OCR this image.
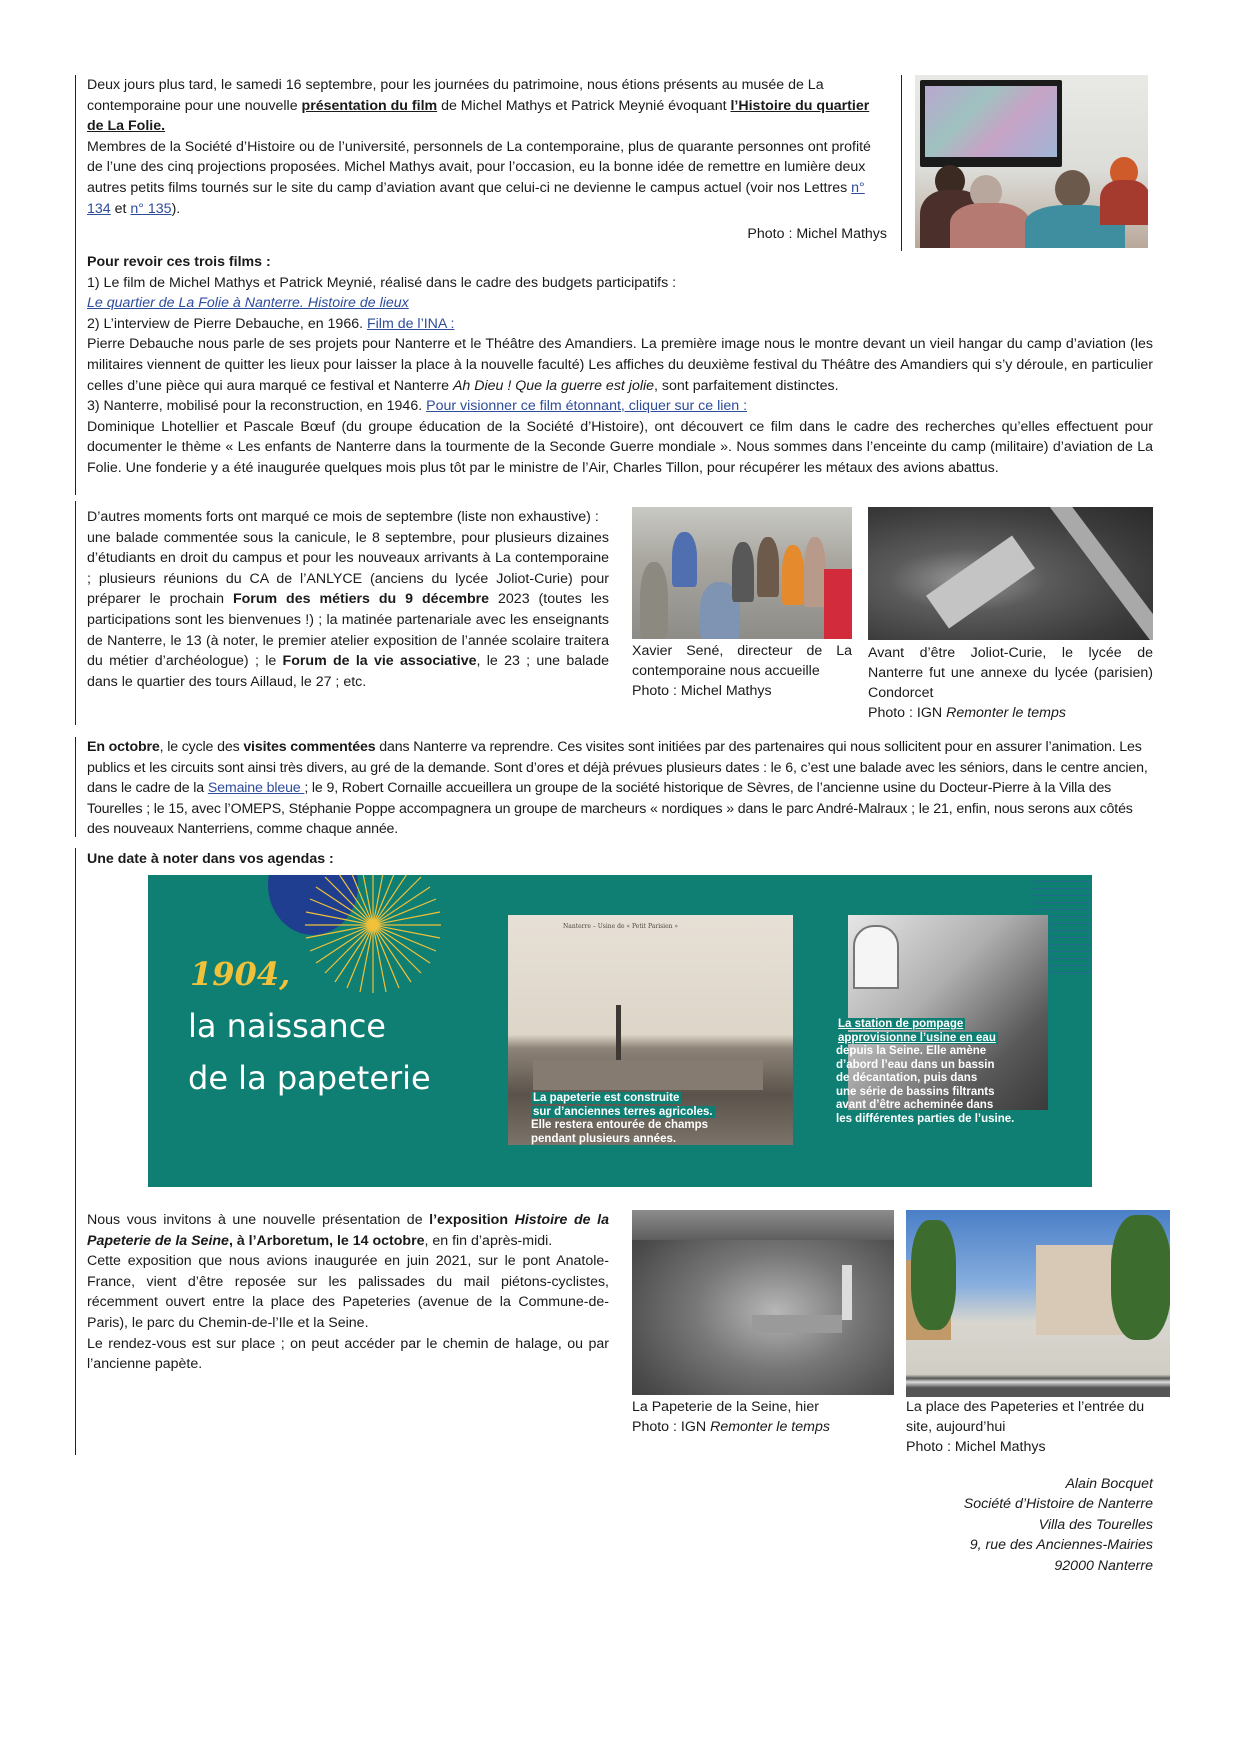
Deux jours plus tard, le samedi 16 septembre, pour les journées du patrimoine, nous étions présents au musée de La contemporaine pour une nouvelle présentation du film de Michel Mathys et Patrick Meynié évoquant l’Histoire du quartier de La Folie.

Membres de la Société d’Histoire ou de l’université, personnels de La contemporaine, plus de quarante personnes ont profité de l’une des cinq projections proposées. Michel Mathys avait, pour l’occasion, eu la bonne idée de remettre en lumière deux autres petits films tournés sur le site du camp d’aviation avant que celui-ci ne devienne le campus actuel (voir nos Lettres n° 134 et n° 135).

Photo : Michel Mathys

Pour revoir ces trois films :

1) Le film de Michel Mathys et Patrick Meynié, réalisé dans le cadre des budgets participatifs :

Le quartier de La Folie à Nanterre. Histoire de lieux

2) L’interview de Pierre Debauche, en 1966. Film de l’INA :

Pierre Debauche nous parle de ses projets pour Nanterre et le Théâtre des Amandiers. La première image nous le montre devant un vieil hangar du camp d’aviation (les militaires viennent de quitter les lieux pour laisser la place à la nouvelle faculté) Les affiches du deuxième festival du Théâtre des Amandiers qui s’y déroule, en particulier celles d’une pièce qui aura marqué ce festival et Nanterre Ah Dieu ! Que la guerre est jolie, sont parfaitement distinctes.

3) Nanterre, mobilisé pour la reconstruction, en 1946. Pour visionner ce film étonnant, cliquer sur ce lien :

Dominique Lhotellier et Pascale Bœuf (du groupe éducation de la Société d’Histoire), ont découvert ce film dans le cadre des recherches qu’elles effectuent pour documenter le thème « Les enfants de Nanterre dans la tourmente de la Seconde Guerre mondiale ». Nous sommes dans l’enceinte du camp (militaire) d’aviation de La Folie. Une fonderie y a été inaugurée quelques mois plus tôt par le ministre de l’Air, Charles Tillon, pour récupérer les métaux des avions abattus.

D’autres moments forts ont marqué ce mois de septembre (liste non exhaustive) :

une balade commentée sous la canicule, le 8 septembre, pour plusieurs dizaines d’étudiants en droit du campus et pour les nouveaux arrivants à La contemporaine ; plusieurs réunions du CA de l’ANLYCE (anciens du lycée Joliot-Curie) pour préparer le prochain Forum des métiers du 9 décembre 2023 (toutes les participations sont les bienvenues !) ; la matinée partenariale avec les enseignants de Nanterre, le 13 (à noter, le premier atelier exposition de l’année scolaire traitera du métier d’archéologue) ; le Forum de la vie associative, le 23 ; une balade dans le quartier des tours Aillaud, le 27 ; etc.

Xavier Sené, directeur de La contemporaine nous accueille

Photo : Michel Mathys

Avant d’être Joliot-Curie, le lycée de Nanterre fut une annexe du lycée (parisien) Condorcet

Photo : IGN Remonter le temps

En octobre, le cycle des visites commentées dans Nanterre va reprendre. Ces visites sont initiées par des partenaires qui nous sollicitent pour en assurer l’animation. Les publics et les circuits sont ainsi très divers, au gré de la demande. Sont d’ores et déjà prévues plusieurs dates : le 6, c’est une balade avec les séniors, dans le centre ancien, dans le cadre de la Semaine bleue ; le 9, Robert Cornaille accueillera un groupe de la société historique de Sèvres, de l’ancienne usine du Docteur-Pierre à la Villa des Tourelles ; le 15, avec l’OMEPS, Stéphanie Poppe accompagnera un groupe de marcheurs « nordiques » dans le parc André-Malraux ; le 21, enfin, nous serons aux côtés des nouveaux Nanterriens, comme chaque année.

Une date à noter dans vos agendas :

1904,
la naissance
de la papeterie
Nanterre – Usine de « Petit Parisien »
La papeterie est construite
sur d’anciennes terres agricoles.
Elle restera entourée de champs
pendant plusieurs années.
La station de pompage
approvisionne l’usine en eau
depuis la Seine. Elle amène
d’abord l’eau dans un bassin
de décantation, puis dans
une série de bassins filtrants
avant d’être acheminée dans
les différentes parties de l’usine.

Nous vous invitons à une nouvelle présentation de l’exposition Histoire de la Papeterie de la Seine, à l’Arboretum, le 14 octobre, en fin d’après-midi.

Cette exposition que nous avions inaugurée en juin 2021, sur le pont Anatole-France, vient d’être reposée sur les palissades du mail piétons-cyclistes, récemment ouvert entre la place des Papeteries (avenue de la Commune-de-Paris), le parc du Chemin-de-l’Ile et la Seine.

Le rendez-vous est sur place ; on peut accéder par le chemin de halage, ou par l’ancienne papète.

La Papeterie de la Seine, hier

Photo : IGN Remonter le temps

La place des Papeteries et l’entrée du site, aujourd’hui

Photo : Michel Mathys

Alain Bocquet

Société d’Histoire de Nanterre

Villa des Tourelles

9, rue des Anciennes-Mairies

92000 Nanterre
